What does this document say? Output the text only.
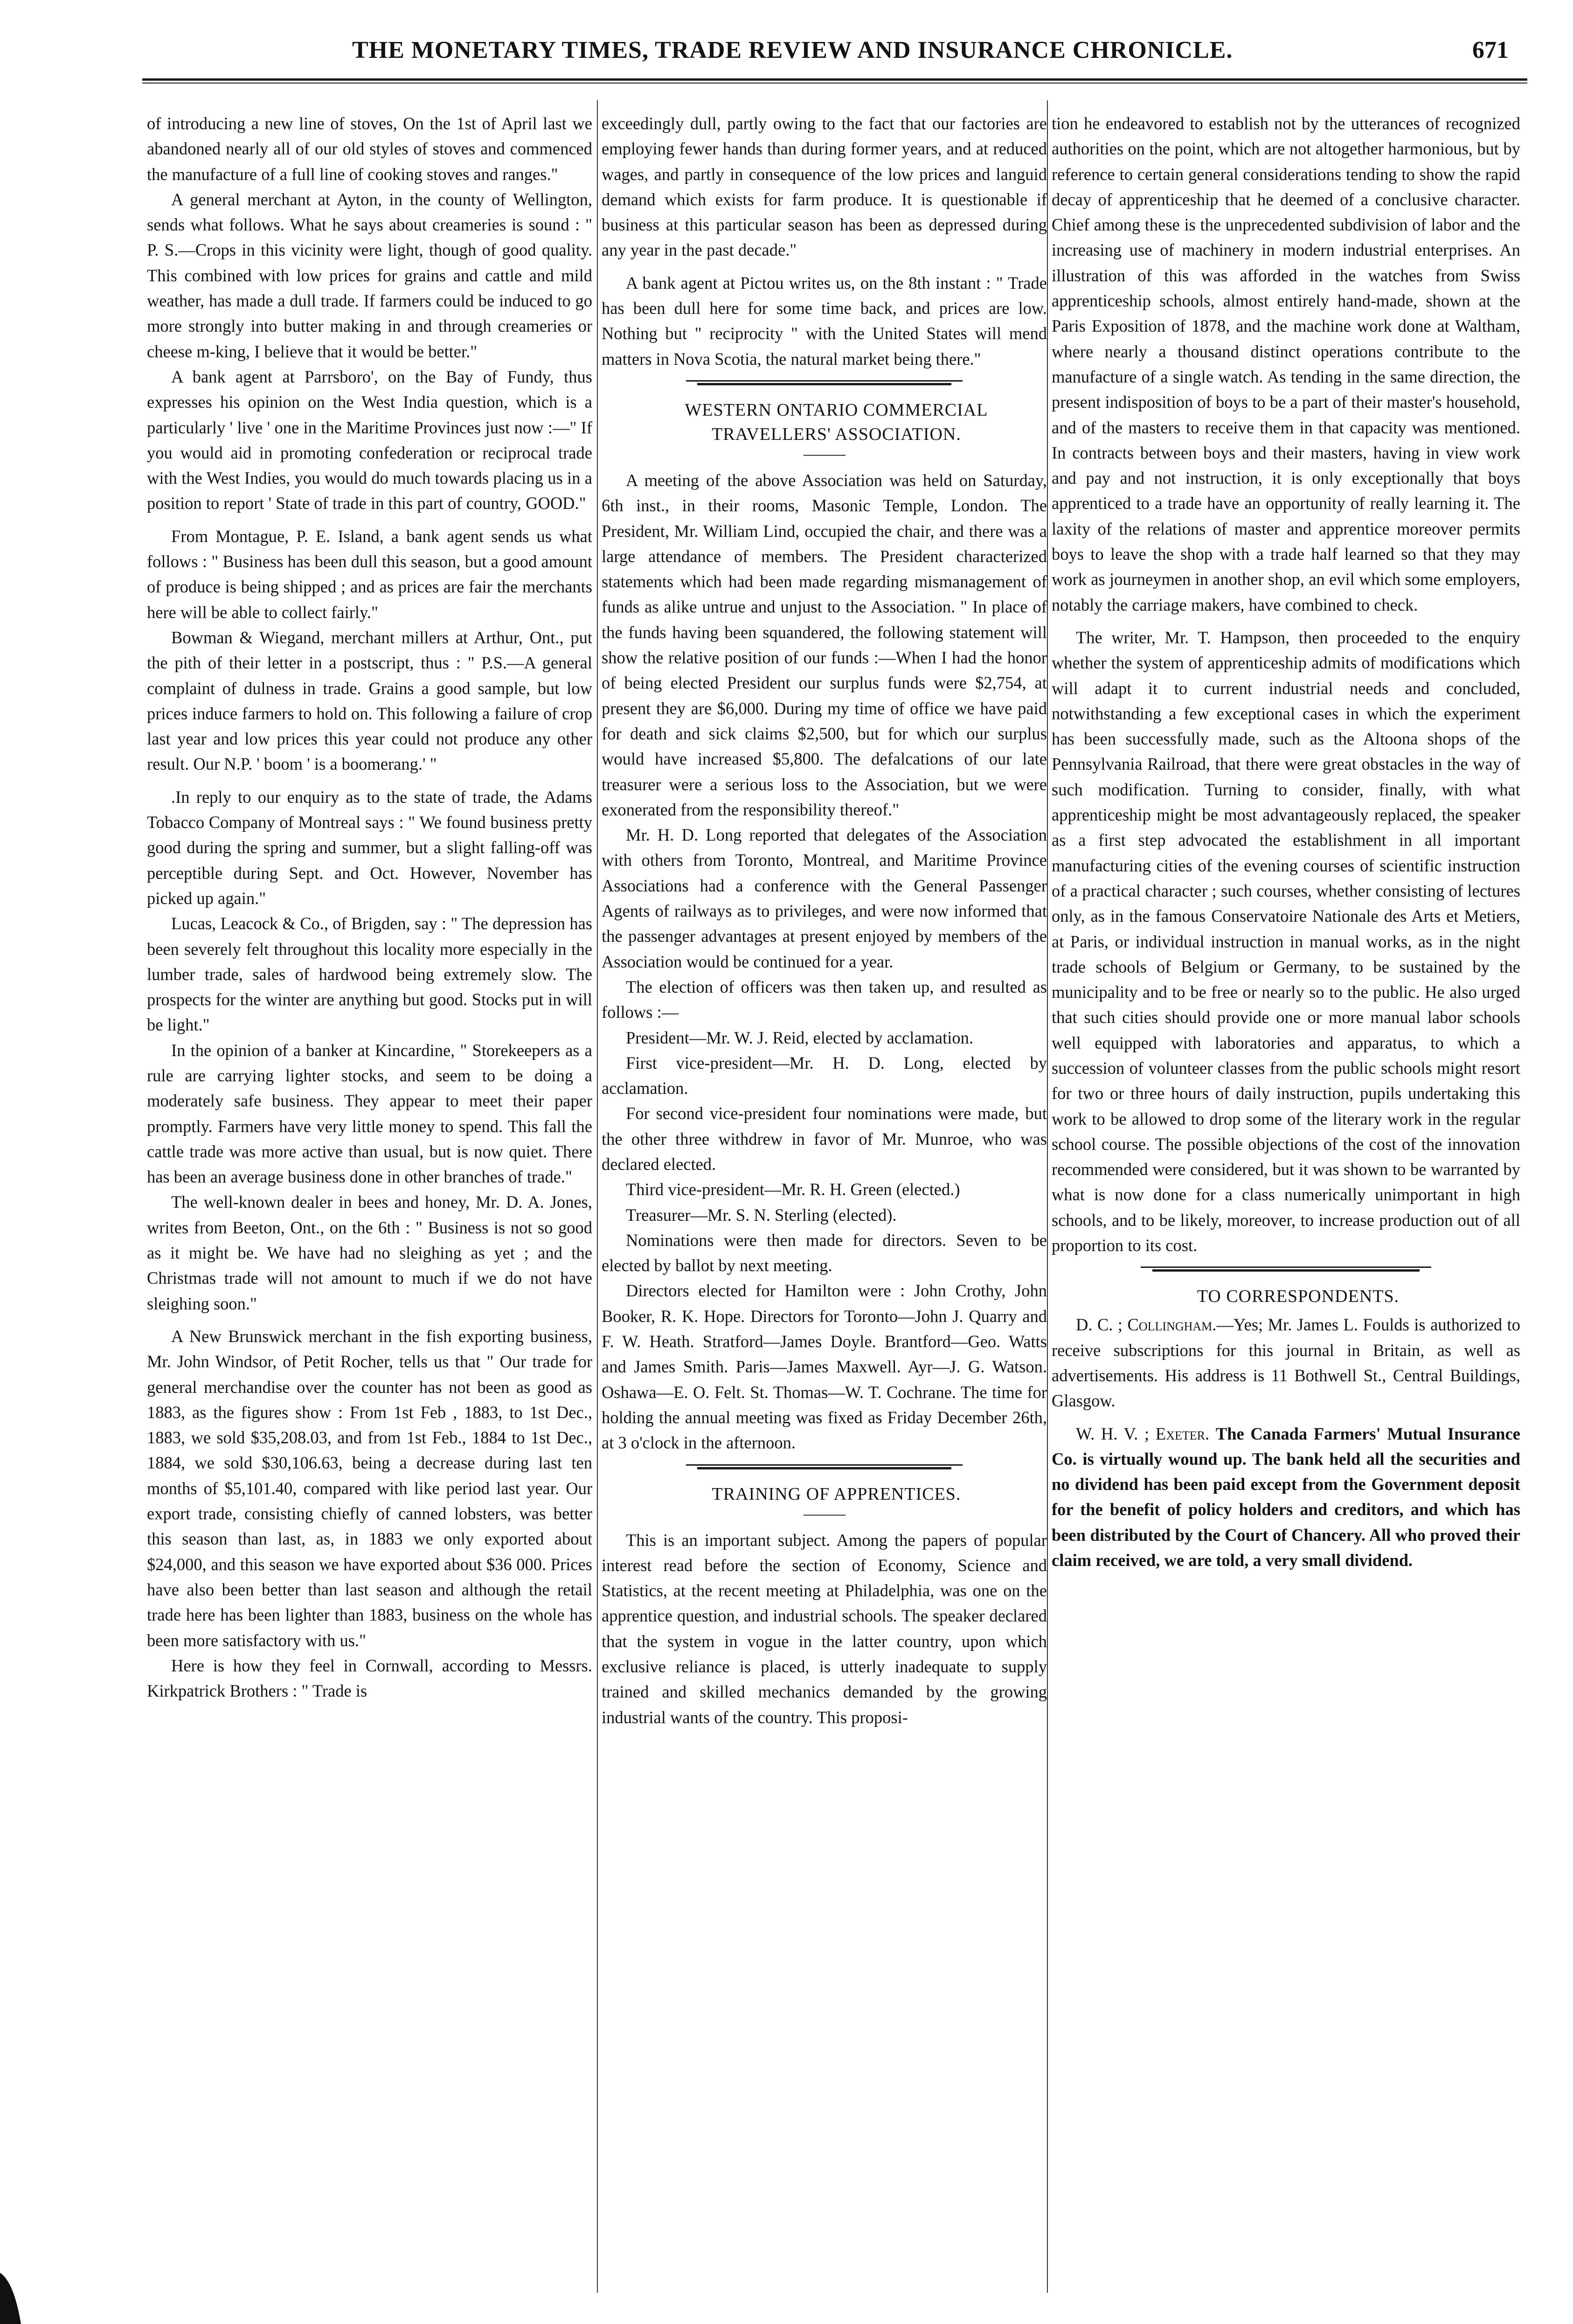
THE MONETARY TIMES, TRADE REVIEW AND INSURANCE CHRONICLE.	671

of introducing a new line of stoves, On the 1st of April last we abandoned nearly all of our old styles of stoves and commenced the manufacture of a full line of cooking stoves and ranges."

A general merchant at Ayton, in the county of Wellington, sends what follows. What he says about creameries is sound : " P. S.—Crops in this vicinity were light, though of good quality. This combined with low prices for grains and cattle and mild weather, has made a dull trade. If farmers could be induced to go more strongly into butter making in and through creameries or cheese m-king, I believe that it would be better."

A bank agent at Parrsboro', on the Bay of Fundy, thus expresses his opinion on the West India question, which is a particularly ' live ' one in the Maritime Provinces just now :—" If you would aid in promoting confederation or reciprocal trade with the West Indies, you would do much towards placing us in a position to report ' State of trade in this part of country, GOOD."

From Montague, P. E. Island, a bank agent sends us what follows : " Business has been dull this season, but a good amount of produce is being shipped ; and as prices are fair the merchants here will be able to collect fairly."

Bowman & Wiegand, merchant millers at Arthur, Ont., put the pith of their letter in a postscript, thus : " P.S.—A general complaint of dulness in trade. Grains a good sample, but low prices induce farmers to hold on. This following a failure of crop last year and low prices this year could not produce any other result. Our N.P. ' boom ' is a boomerang.' "

.In reply to our enquiry as to the state of trade, the Adams Tobacco Company of Montreal says : " We found business pretty good during the spring and summer, but a slight falling-off was perceptible during Sept. and Oct. However, November has picked up again."

Lucas, Leacock & Co., of Brigden, say : " The depression has been severely felt throughout this locality more especially in the lumber trade, sales of hardwood being extremely slow. The prospects for the winter are anything but good. Stocks put in will be light."

In the opinion of a banker at Kincardine, " Storekeepers as a rule are carrying lighter stocks, and seem to be doing a moderately safe business. They appear to meet their paper promptly. Farmers have very little money to spend. This fall the cattle trade was more active than usual, but is now quiet. There has been an average business done in other branches of trade."

The well-known dealer in bees and honey, Mr. D. A. Jones, writes from Beeton, Ont., on the 6th : " Business is not so good as it might be. We have had no sleighing as yet ; and the Christmas trade will not amount to much if we do not have sleighing soon."

A New Brunswick merchant in the fish exporting business, Mr. John Windsor, of Petit Rocher, tells us that " Our trade for general merchandise over the counter has not been as good as 1883, as the figures show : From 1st Feb , 1883, to 1st Dec., 1883, we sold $35,208.03, and from 1st Feb., 1884 to 1st Dec., 1884, we sold $30,106.63, being a decrease during last ten months of $5,101.40, compared with like period last year. Our export trade, consisting chiefly of canned lobsters, was better this season than last, as, in 1883 we only exported about $24,000, and this season we have exported about $36 000. Prices have also been better than last season and although the retail trade here has been lighter than 1883, business on the whole has been more satisfactory with us."

Here is how they feel in Cornwall, according to Messrs. Kirkpatrick Brothers : " Trade is

exceedingly dull, partly owing to the fact that our factories are employing fewer hands than during former years, and at reduced wages, and partly in consequence of the low prices and languid demand which exists for farm produce. It is questionable if business at this particular season has been as depressed during any year in the past decade."

A bank agent at Pictou writes us, on the 8th instant : " Trade has been dull here for some time back, and prices are low. Nothing but " reciprocity " with the United States will mend matters in Nova Scotia, the natural market being there."

WESTERN ONTARIO COMMERCIAL

TRAVELLERS' ASSOCIATION.

A meeting of the above Association was held on Saturday, 6th inst., in their rooms, Masonic Temple, London. The President, Mr. William Lind, occupied the chair, and there was a large attendance of members. The President characterized statements which had been made regarding mismanagement of funds as alike untrue and unjust to the Association. " In place of the funds having been squandered, the following statement will show the relative position of our funds :—When I had the honor of being elected President our surplus funds were $2,754, at present they are $6,000. During my time of office we have paid for death and sick claims $2,500, but for which our surplus would have increased $5,800. The defalcations of our late treasurer were a serious loss to the Association, but we were exonerated from the responsibility thereof."

Mr. H. D. Long reported that delegates of the Association with others from Toronto, Montreal, and Maritime Province Associations had a conference with the General Passenger Agents of railways as to privileges, and were now informed that the passenger advantages at present enjoyed by members of the Association would be continued for a year.

The election of officers was then taken up, and resulted as follows :—

President—Mr. W. J. Reid, elected by acclamation.

First vice-president—Mr. H. D. Long, elected by acclamation.

For second vice-president four nominations were made, but the other three withdrew in favor of Mr. Munroe, who was declared elected.

Third vice-president—Mr. R. H. Green (elected.)

Treasurer—Mr. S. N. Sterling (elected).

Nominations were then made for directors. Seven to be elected by ballot by next meeting.

Directors elected for Hamilton were : John Crothy, John Booker, R. K. Hope. Directors for Toronto—John J. Quarry and F. W. Heath. Stratford—James Doyle. Brantford—Geo. Watts and James Smith. Paris—James Maxwell. Ayr—J. G. Watson. Oshawa—E. O. Felt. St. Thomas—W. T. Cochrane. The time for holding the annual meeting was fixed as Friday December 26th, at 3 o'clock in the afternoon.

TRAINING OF APPRENTICES.

This is an important subject. Among the papers of popular interest read before the section of Economy, Science and Statistics, at the recent meeting at Philadelphia, was one on the apprentice question, and industrial schools. The speaker declared that the system in vogue in the latter country, upon which exclusive reliance is placed, is utterly inadequate to supply trained and skilled mechanics demanded by the growing industrial wants of the country. This proposi-

tion he endeavored to establish not by the utterances of recognized authorities on the point, which are not altogether harmonious, but by reference to certain general considerations tending to show the rapid decay of apprenticeship that he deemed of a conclusive character. Chief among these is the unprecedented subdivision of labor and the increasing use of machinery in modern industrial enterprises. An illustration of this was afforded in the watches from Swiss apprenticeship schools, almost entirely hand-made, shown at the Paris Exposition of 1878, and the machine work done at Waltham, where nearly a thousand distinct operations contribute to the manufacture of a single watch. As tending in the same direction, the present indisposition of boys to be a part of their master's household, and of the masters to receive them in that capacity was mentioned. In contracts between boys and their masters, having in view work and pay and not instruction, it is only exceptionally that boys apprenticed to a trade have an opportunity of really learning it. The laxity of the relations of master and apprentice moreover permits boys to leave the shop with a trade half learned so that they may work as journeymen in another shop, an evil which some employers, notably the carriage makers, have combined to check.

The writer, Mr. T. Hampson, then proceeded to the enquiry whether the system of apprenticeship admits of modifications which will adapt it to current industrial needs and concluded, notwithstanding a few exceptional cases in which the experiment has been successfully made, such as the Altoona shops of the Pennsylvania Railroad, that there were great obstacles in the way of such modification. Turning to consider, finally, with what apprenticeship might be most advantageously replaced, the speaker as a first step advocated the establishment in all important manufacturing cities of the evening courses of scientific instruction of a practical character ; such courses, whether consisting of lectures only, as in the famous Conservatoire Nationale des Arts et Metiers, at Paris, or individual instruction in manual works, as in the night trade schools of Belgium or Germany, to be sustained by the municipality and to be free or nearly so to the public. He also urged that such cities should provide one or more manual labor schools well equipped with laboratories and apparatus, to which a succession of volunteer classes from the public schools might resort for two or three hours of daily instruction, pupils undertaking this work to be allowed to drop some of the literary work in the regular school course. The possible objections of the cost of the innovation recommended were considered, but it was shown to be warranted by what is now done for a class numerically unimportant in high schools, and to be likely, moreover, to increase production out of all proportion to its cost.

TO CORRESPONDENTS.

D. C. ; Collingham.—Yes; Mr. James L. Foulds is authorized to receive subscriptions for this journal in Britain, as well as advertisements. His address is 11 Bothwell St., Central Buildings, Glasgow.

W. H. V. ; Exeter. The Canada Farmers' Mutual Insurance Co. is virtually wound up. The bank held all the securities and no dividend has been paid except from the Government deposit for the benefit of policy holders and creditors, and which has been distributed by the Court of Chancery. All who proved their claim received, we are told, a very small dividend.
